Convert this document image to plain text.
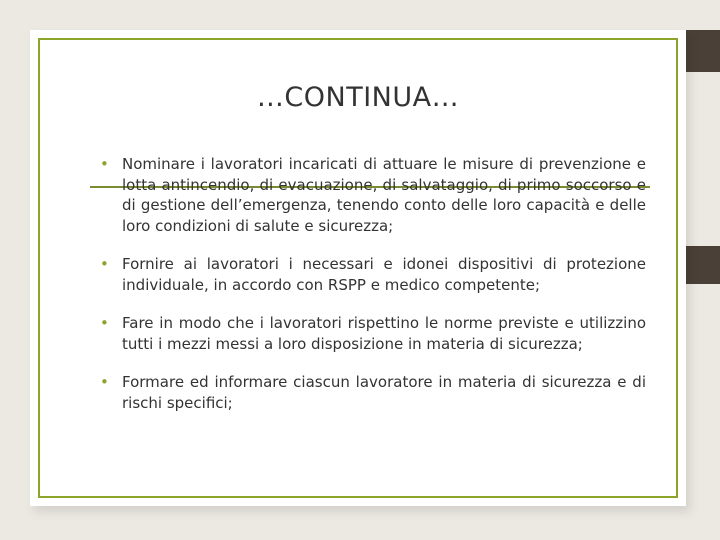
…CONTINUA…
• Nominare i lavoratori incaricati di attuare le misure di prevenzione e lotta antincendio, di evacuazione, di salvataggio, di primo soccorso e di gestione dell’emergenza, tenendo conto delle loro capacità e delle loro condizioni di salute e sicurezza;
• Fornire ai lavoratori i necessari e idonei dispositivi di protezione individuale, in accordo con RSPP e medico competente;
• Fare in modo che i lavoratori rispettino le norme previste e utilizzino tutti i mezzi messi a loro disposizione in materia di sicurezza;
• Formare ed informare ciascun lavoratore in materia di sicurezza e di rischi specifici;
